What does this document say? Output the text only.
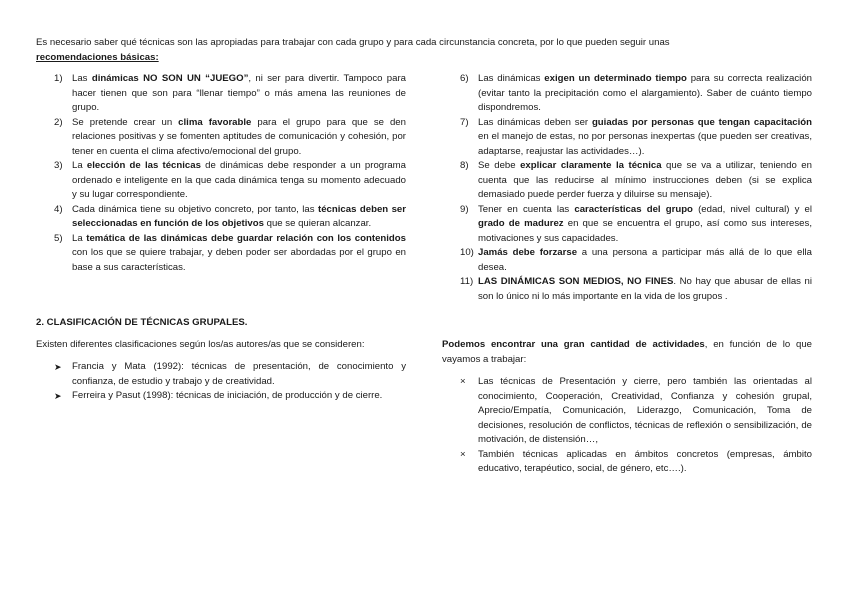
Es necesario saber qué técnicas son las apropiadas para trabajar con cada grupo y para cada circunstancia concreta, por lo que pueden seguir unas
recomendaciones básicas:
1) Las dinámicas NO SON UN “JUEGO”, ni ser para divertir. Tampoco para hacer tienen que son para “llenar tiempo” o más amena las reuniones de grupo.
2) Se pretende crear un clima favorable para el grupo para que se den relaciones positivas y se fomenten aptitudes de comunicación y cohesión, por tener en cuenta el clima afectivo/emocional del grupo.
3) La elección de las técnicas de dinámicas debe responder a un programa ordenado e inteligente en la que cada dinámica tenga su momento adecuado y su lugar correspondiente.
4) Cada dinámica tiene su objetivo concreto, por tanto, las técnicas deben ser seleccionadas en función de los objetivos que se quieran alcanzar.
5) La temática de las dinámicas debe guardar relación con los contenidos con los que se quiere trabajar, y deben poder ser abordadas por el grupo en base a sus características.
6) Las dinámicas exigen un determinado tiempo para su correcta realización (evitar tanto la precipitación como el alargamiento). Saber de cuánto tiempo dispondremos.
7) Las dinámicas deben ser guiadas por personas que tengan capacitación en el manejo de estas, no por personas inexpertas (que pueden ser creativas, adaptarse, reajustar las actividades…).
8) Se debe explicar claramente la técnica que se va a utilizar, teniendo en cuenta que las reducirse al mínimo instrucciones deben (si se explica demasiado puede perder fuerza y diluirse su mensaje).
9) Tener en cuenta las características del grupo (edad, nivel cultural) y el grado de madurez en que se encuentra el grupo, así como sus intereses, motivaciones y sus capacidades.
10) Jamás debe forzarse a una persona a participar más allá de lo que ella desea.
11) LAS DINÁMICAS SON MEDIOS, NO FINES. No hay que abusar de ellas ni son lo único ni lo más importante en la vida de los grupos .
2. CLASIFICACIÓN DE TÉCNICAS GRUPALES.
Existen diferentes clasificaciones según los/as autores/as que se consideren:
➤ Francia y Mata (1992): técnicas de presentación, de conocimiento y confianza, de estudio y trabajo y de creatividad.
➤ Ferreira y Pasut (1998): técnicas de iniciación, de producción y de cierre.
Podemos encontrar una gran cantidad de actividades, en función de lo que vayamos a trabajar:
× Las técnicas de Presentación y cierre, pero también las orientadas al conocimiento, Cooperación, Creatividad, Confianza y cohesión grupal, Aprecio/Empatía, Comunicación, Liderazgo, Comunicación, Toma de decisiones, resolución de conflictos, técnicas de reflexión o sensibilización, de motivación, de distensión…,
× También técnicas aplicadas en ámbitos concretos (empresas, ámbito educativo, terapéutico, social, de género, etc….).
